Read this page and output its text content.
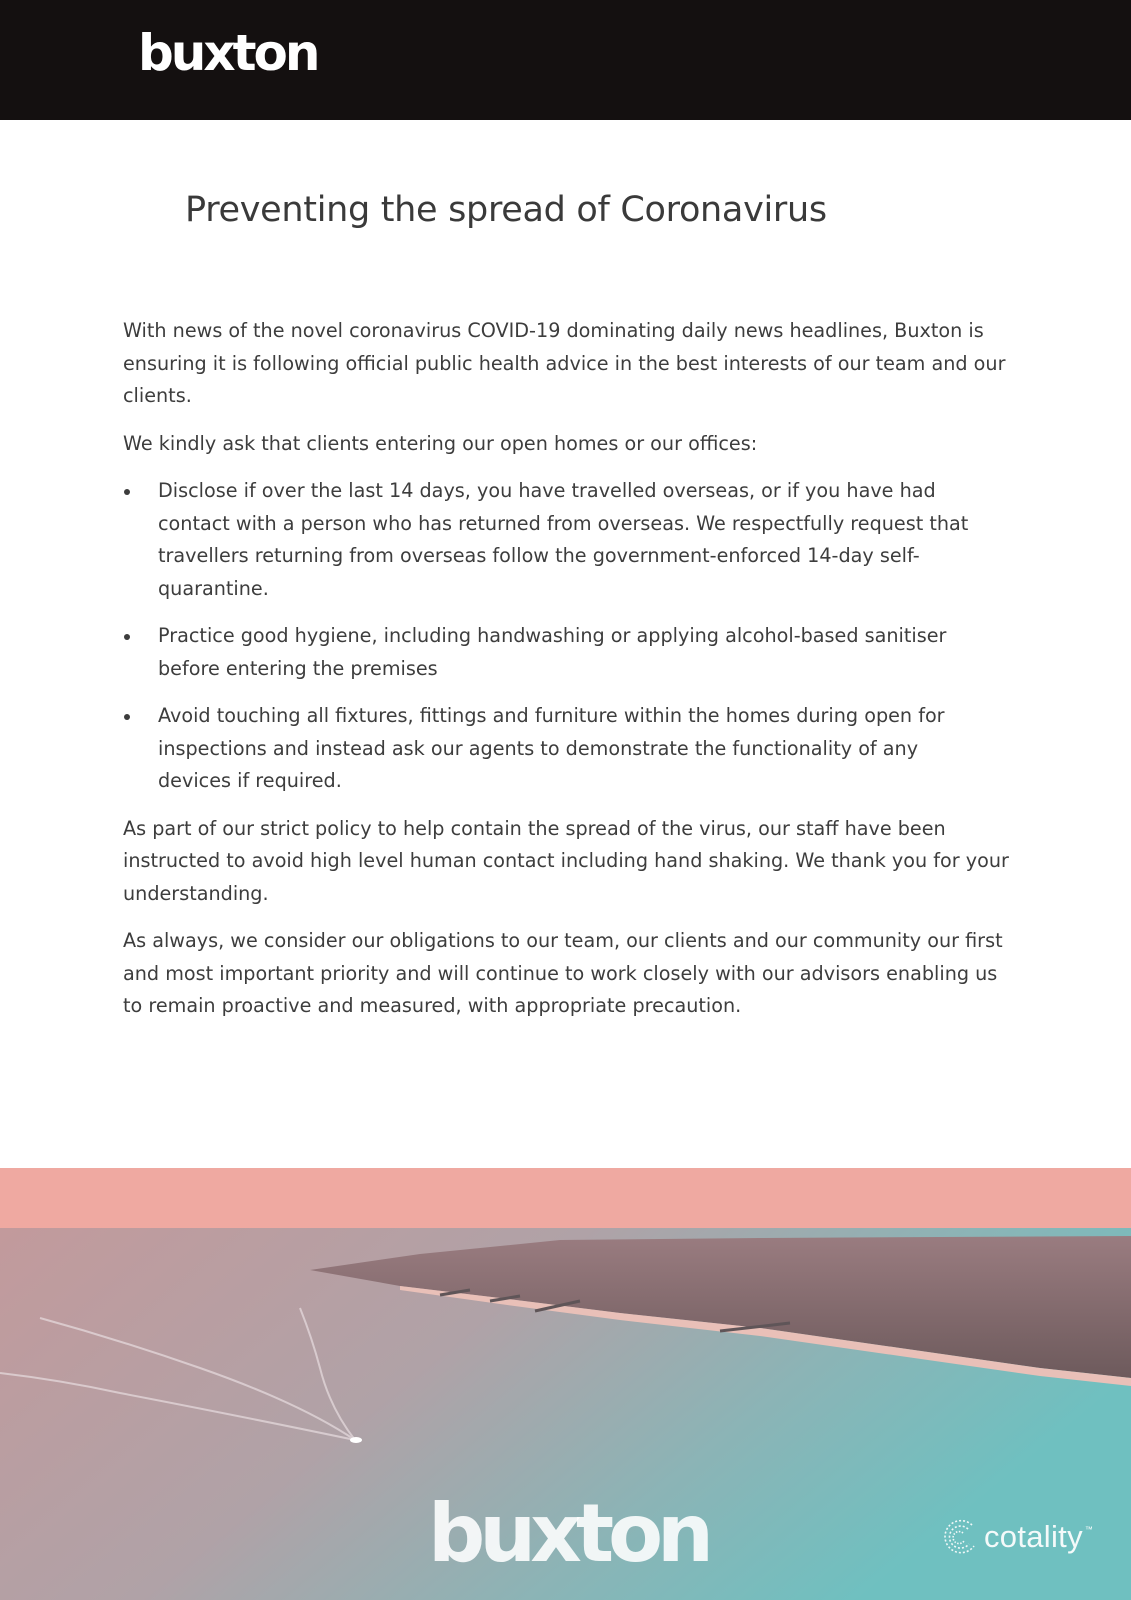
buxton
Preventing the spread of Coronavirus

With news of the novel coronavirus COVID-19 dominating daily news headlines, Buxton is ensuring it is following official public health advice in the best interests of our team and our clients.

We kindly ask that clients entering our open homes or our offices:

Disclose if over the last 14 days, you have travelled overseas, or if you have had contact with a person who has returned from overseas. We respectfully request that travellers returning from overseas follow the government-enforced 14-day self-quarantine.
Practice good hygiene, including handwashing or applying alcohol-based sanitiser before entering the premises
Avoid touching all fixtures, fittings and furniture within the homes during open for inspections and instead ask our agents to demonstrate the functionality of any devices if required.

As part of our strict policy to help contain the spread of the virus, our staff have been instructed to avoid high level human contact including hand shaking. We thank you for your understanding.

As always, we consider our obligations to our team, our clients and our community our first and most important priority and will continue to work closely with our advisors enabling us to remain proactive and measured, with appropriate precaution.

buxton	cotality ™
